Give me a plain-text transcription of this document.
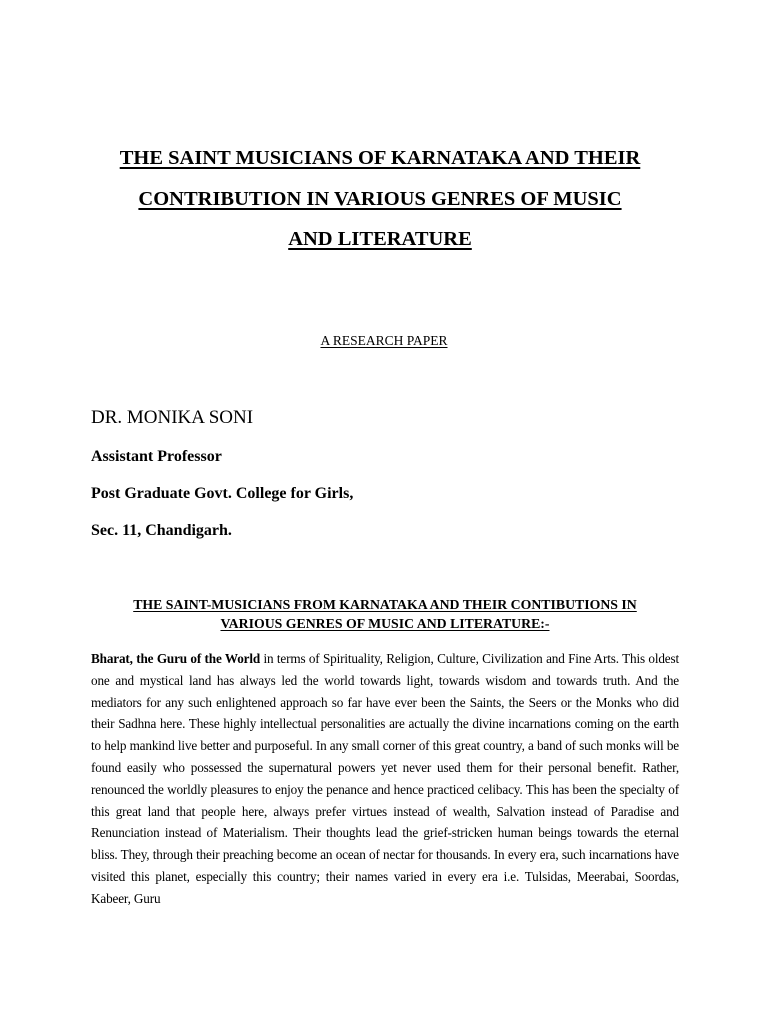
THE SAINT MUSICIANS OF KARNATAKA AND THEIR
CONTRIBUTION IN VARIOUS GENRES OF MUSIC
AND LITERATURE

A RESEARCH PAPER

DR. MONIKA SONI

Assistant Professor

Post Graduate Govt. College for Girls,

Sec. 11, Chandigarh.

THE SAINT-MUSICIANS FROM KARNATAKA AND THEIR CONTIBUTIONS IN
VARIOUS GENRES OF MUSIC AND LITERATURE:-

Bharat, the Guru of the World in terms of Spirituality, Religion, Culture, Civilization and Fine Arts. This oldest one and mystical land has always led the world towards light, towards wisdom and towards truth. And the mediators for any such enlightened approach so far have ever been the Saints, the Seers or the Monks who did their Sadhna here. These highly intellectual personalities are actually the divine incarnations coming on the earth to help mankind live better and purposeful. In any small corner of this great country, a band of such monks will be found easily who possessed the supernatural powers yet never used them for their personal benefit. Rather, renounced the worldly pleasures to enjoy the penance and hence practiced celibacy. This has been the specialty of this great land that people here, always prefer virtues instead of wealth, Salvation instead of Paradise and Renunciation instead of Materialism. Their thoughts lead the grief-stricken human beings towards the eternal bliss. They, through their preaching become an ocean of nectar for thousands. In every era, such incarnations have visited this planet, especially this country; their names varied in every era i.e. Tulsidas, Meerabai, Soordas, Kabeer, Guru
